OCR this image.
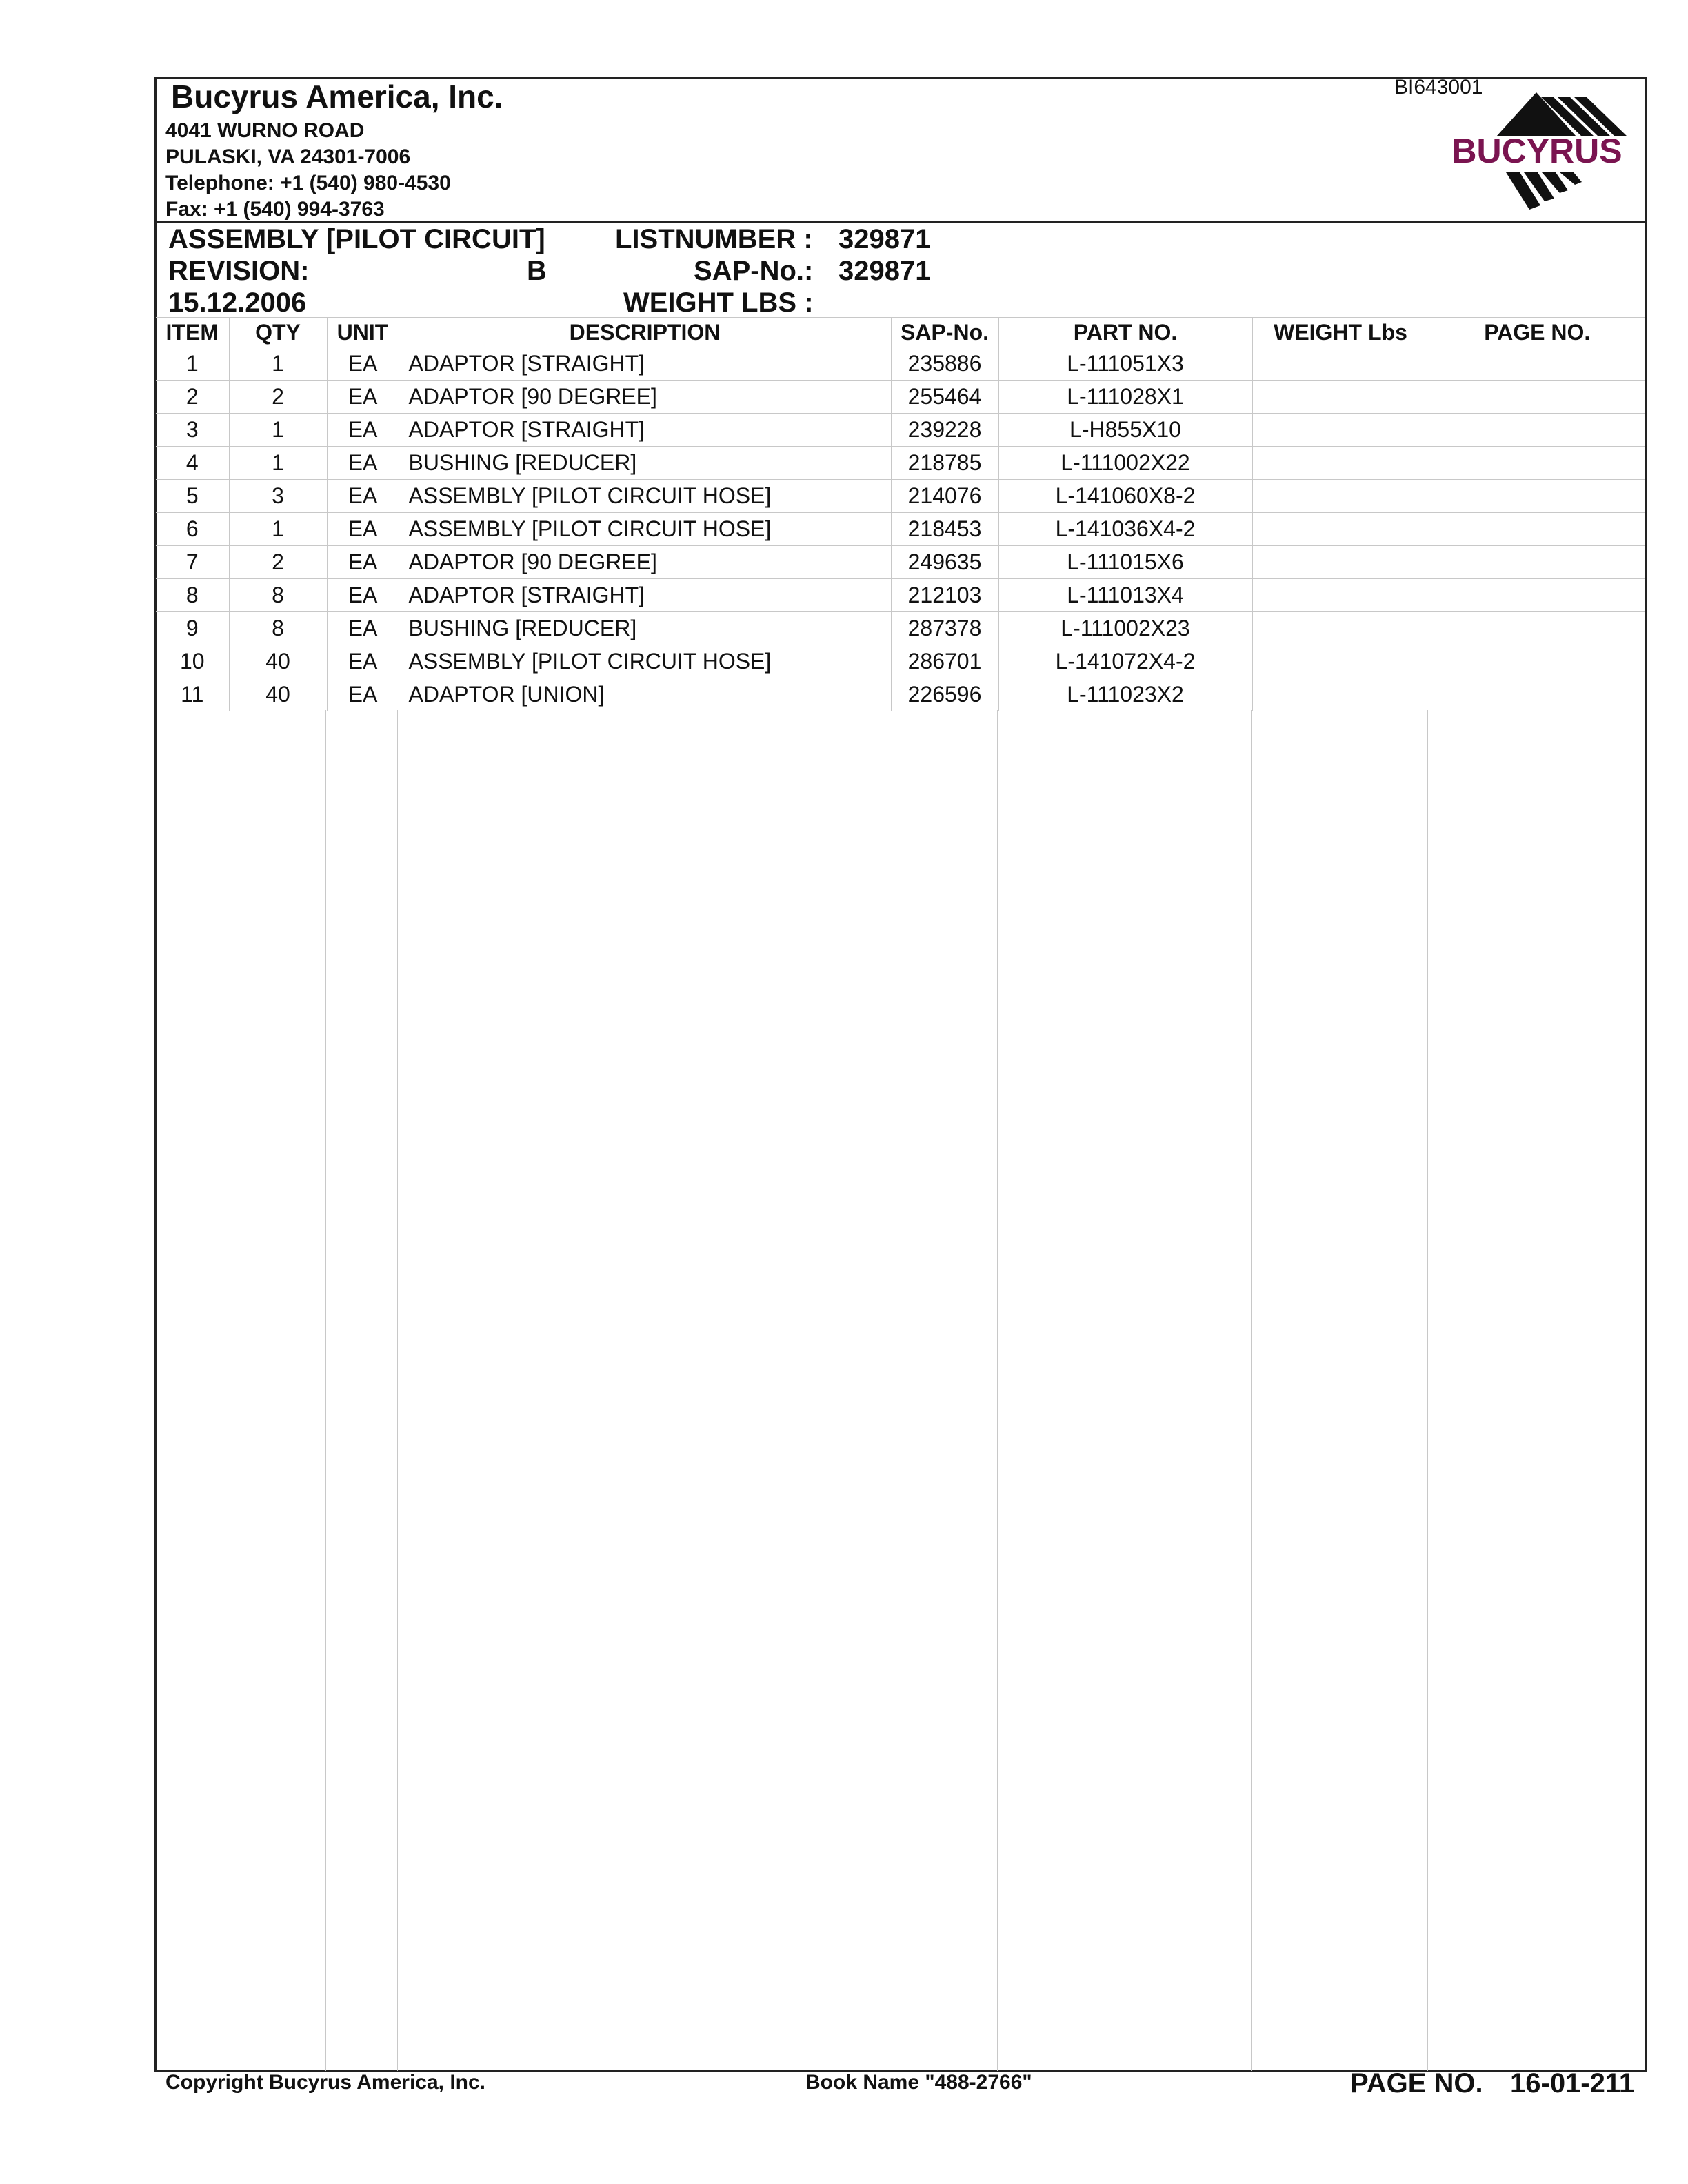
Bucyrus America, Inc.
4041 WURNO ROAD
PULASKI, VA 24301-7006
Telephone: +1 (540) 980-4530
Fax: +1 (540) 994-3763
BI643001
BUCYRUS
ASSEMBLY [PILOT CIRCUIT]
REVISION:	B
15.12.2006
LISTNUMBER : 329871
SAP-No.: 329871
WEIGHT LBS :
ITEM	QTY	UNIT	DESCRIPTION	SAP-No.	PART NO.	WEIGHT Lbs	PAGE NO.
1	1	EA	ADAPTOR [STRAIGHT]	235886	L-111051X3		
2	2	EA	ADAPTOR [90 DEGREE]	255464	L-111028X1		
3	1	EA	ADAPTOR [STRAIGHT]	239228	L-H855X10		
4	1	EA	BUSHING [REDUCER]	218785	L-111002X22		
5	3	EA	ASSEMBLY [PILOT CIRCUIT HOSE]	214076	L-141060X8-2		
6	1	EA	ASSEMBLY [PILOT CIRCUIT HOSE]	218453	L-141036X4-2		
7	2	EA	ADAPTOR [90 DEGREE]	249635	L-111015X6		
8	8	EA	ADAPTOR [STRAIGHT]	212103	L-111013X4		
9	8	EA	BUSHING [REDUCER]	287378	L-111002X23		
10	40	EA	ASSEMBLY [PILOT CIRCUIT HOSE]	286701	L-141072X4-2		
11	40	EA	ADAPTOR [UNION]	226596	L-111023X2		
Copyright Bucyrus America, Inc.	Book Name "488-2766"	PAGE NO. 16-01-211
